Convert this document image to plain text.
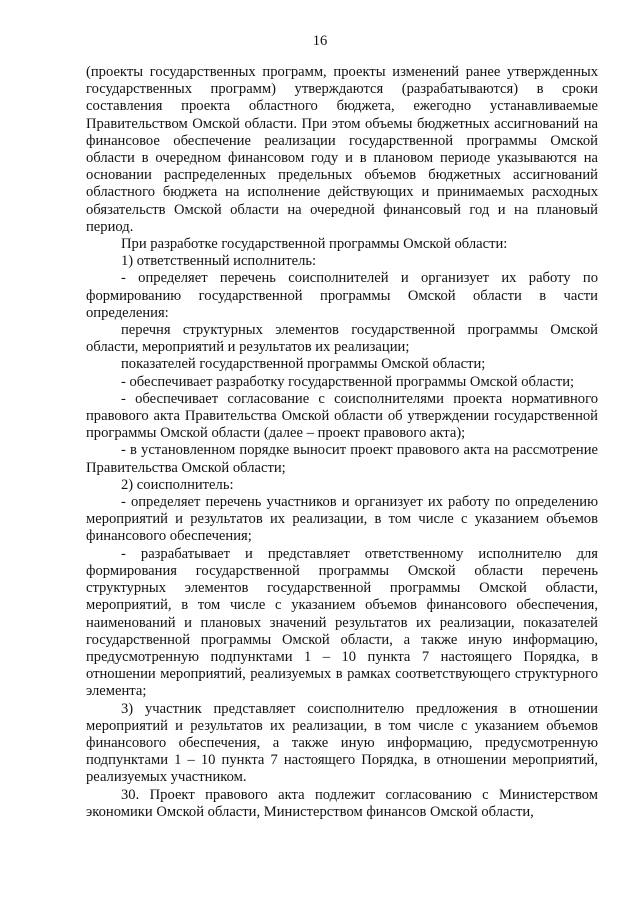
16

(проекты государственных программ, проекты изменений ранее утвержденных государственных программ) утверждаются (разрабатываются) в сроки составления проекта областного бюджета, ежегодно устанавливаемые Правительством Омской области. При этом объемы бюджетных ассигнований на финансовое обеспечение реализации государственной программы Омской области в очередном финансовом году и в плановом периоде указываются на основании распределенных предельных объемов бюджетных ассигнований областного бюджета на исполнение действующих и принимаемых расходных обязательств Омской области на очередной финансовый год и на плановый период.

При разработке государственной программы Омской области:

1) ответственный исполнитель:

- определяет перечень соисполнителей и организует их работу по формированию государственной программы Омской области в части определения:

перечня структурных элементов государственной программы Омской области, мероприятий и результатов их реализации;

показателей государственной программы Омской области;

- обеспечивает разработку государственной программы Омской области;

- обеспечивает согласование с соисполнителями проекта нормативного правового акта Правительства Омской области об утверждении государственной программы Омской области (далее – проект правового акта);

- в установленном порядке выносит проект правового акта на рассмотрение Правительства Омской области;

2) соисполнитель:

- определяет перечень участников и организует их работу по определению мероприятий и результатов их реализации, в том числе с указанием объемов финансового обеспечения;

- разрабатывает и представляет ответственному исполнителю для формирования государственной программы Омской области перечень структурных элементов государственной программы Омской области, мероприятий, в том числе с указанием объемов финансового обеспечения, наименований и плановых значений результатов их реализации, показателей государственной программы Омской области, а также иную информацию, предусмотренную подпунктами 1 – 10 пункта 7 настоящего Порядка, в отношении мероприятий, реализуемых в рамках соответствующего структурного элемента;

3) участник представляет соисполнителю предложения в отношении мероприятий и результатов их реализации, в том числе с указанием объемов финансового обеспечения, а также иную информацию, предусмотренную подпунктами 1 – 10 пункта 7 настоящего Порядка, в отношении мероприятий, реализуемых участником.

30. Проект правового акта подлежит согласованию с Министерством экономики Омской области, Министерством финансов Омской области,
